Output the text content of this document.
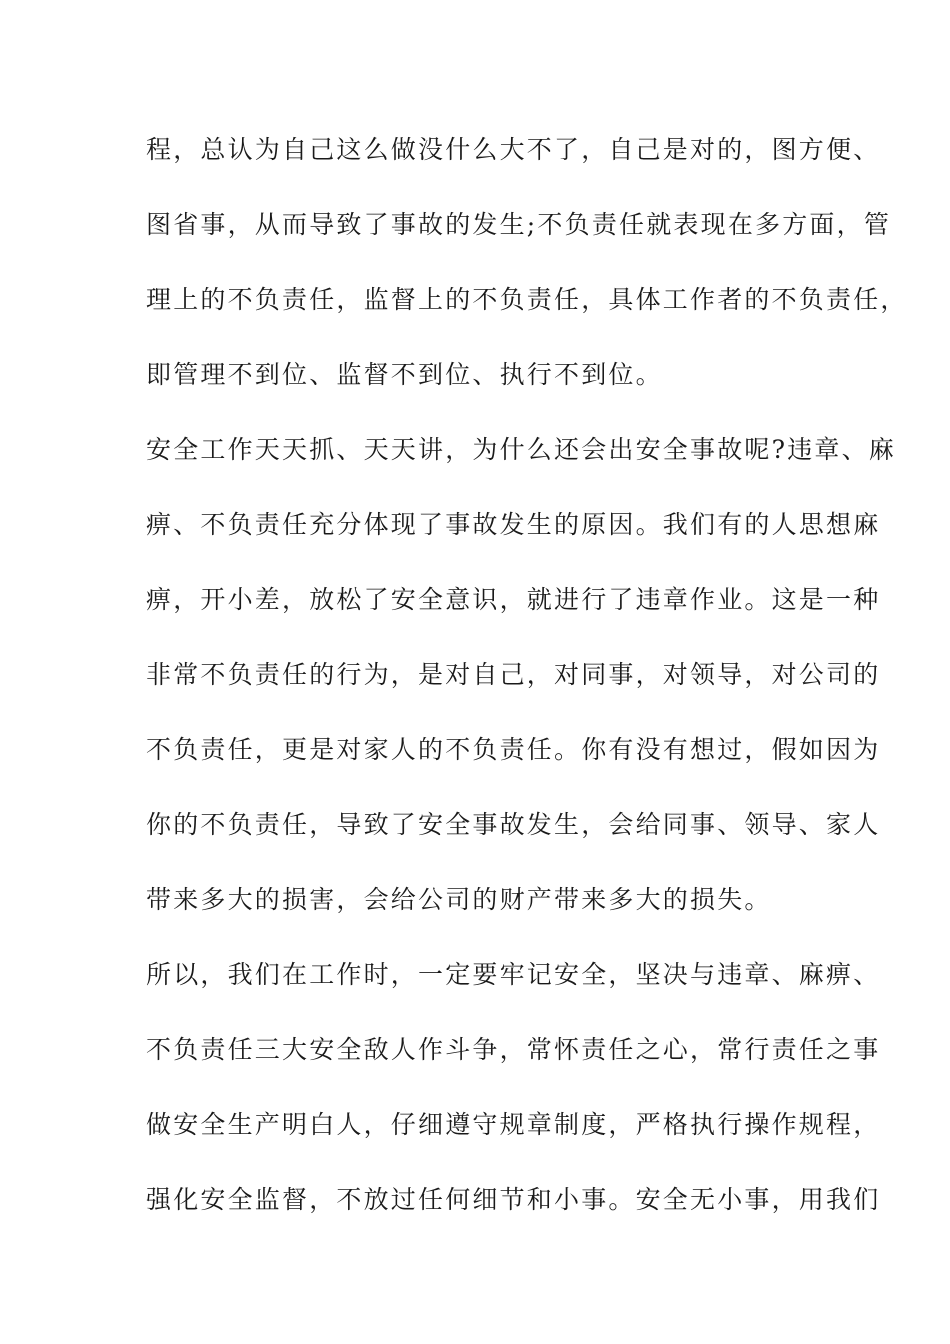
程，总认为自己这么做没什么大不了，自己是对的，图方便、
图省事，从而导致了事故的发生;不负责任就表现在多方面，管
理上的不负责任，监督上的不负责任，具体工作者的不负责任，
即管理不到位、监督不到位、执行不到位。
安全工作天天抓、天天讲，为什么还会出安全事故呢?违章、麻
痹、不负责任充分体现了事故发生的原因。我们有的人思想麻
痹，开小差，放松了安全意识，就进行了违章作业。这是一种
非常不负责任的行为，是对自己，对同事，对领导，对公司的
不负责任，更是对家人的不负责任。你有没有想过，假如因为
你的不负责任，导致了安全事故发生，会给同事、领导、家人
带来多大的损害，会给公司的财产带来多大的损失。
所以，我们在工作时，一定要牢记安全，坚决与违章、麻痹、
不负责任三大安全敌人作斗争，常怀责任之心，常行责任之事
做安全生产明白人，仔细遵守规章制度，严格执行操作规程，
强化安全监督，不放过任何细节和小事。安全无小事，用我们
